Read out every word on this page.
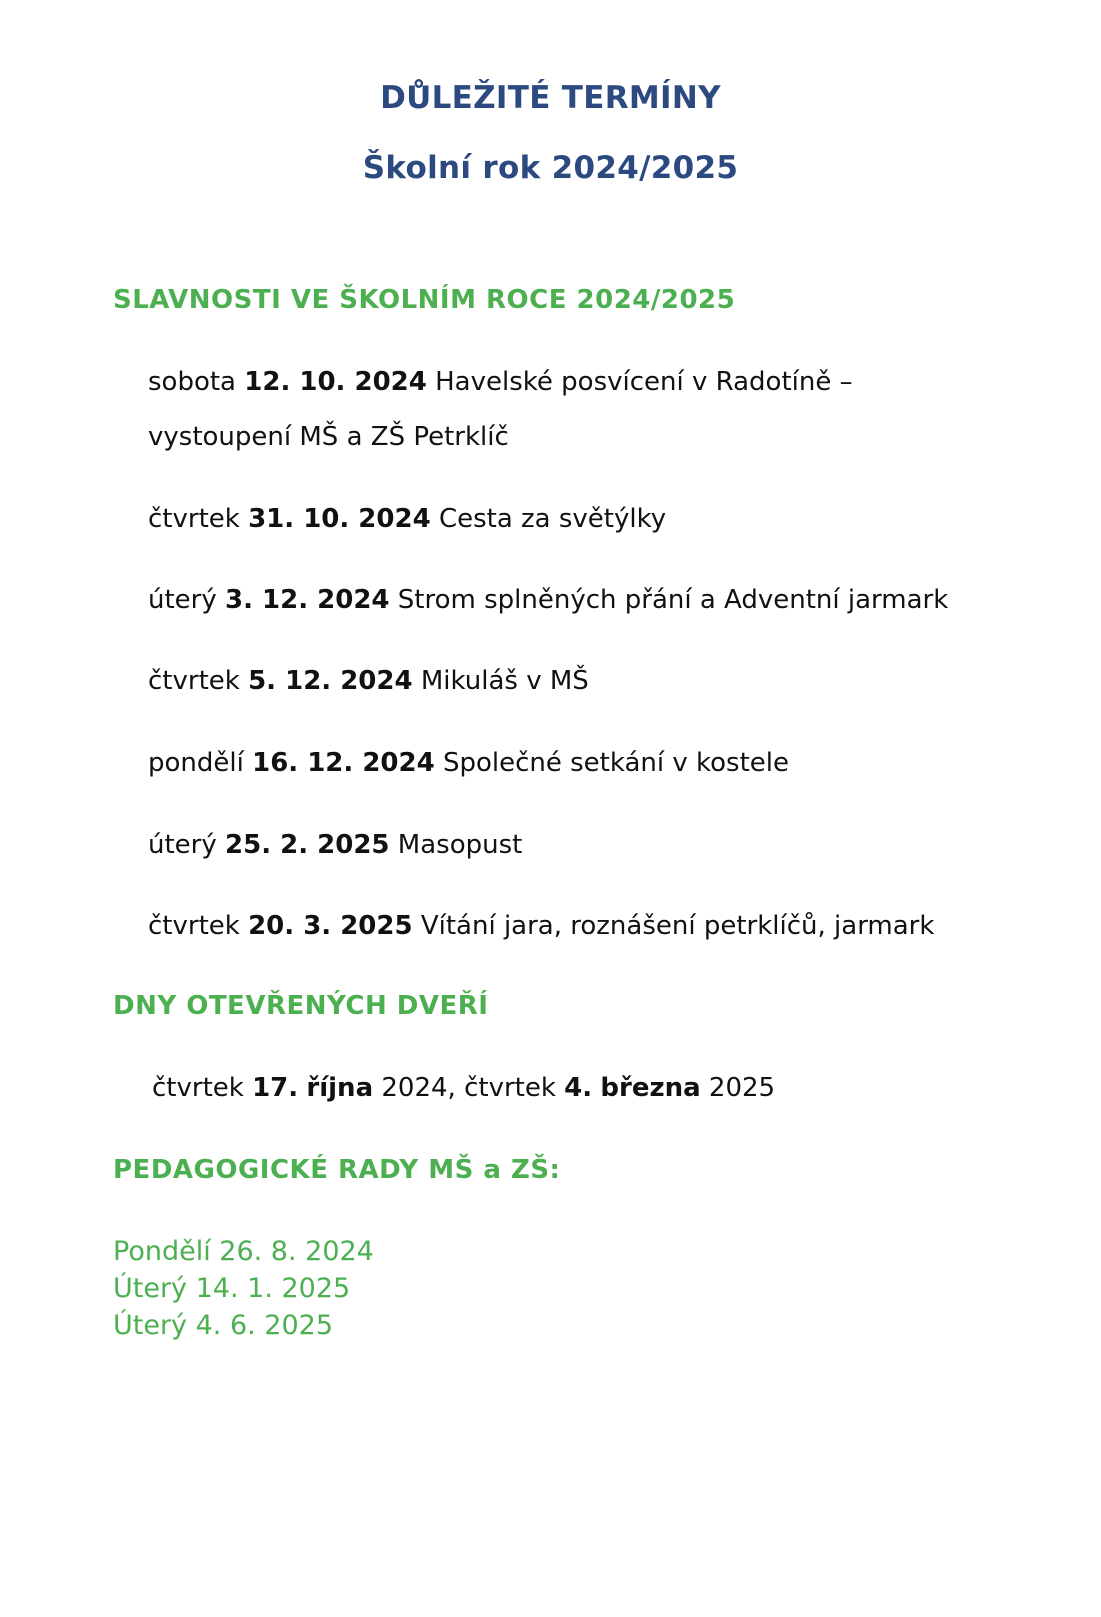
DŮLEŽITÉ TERMÍNY
Školní rok 2024/2025
SLAVNOSTI VE ŠKOLNÍM ROCE 2024/2025
sobota 12. 10. 2024 Havelské posvícení v Radotíně – vystoupení MŠ a ZŠ Petrklíč
čtvrtek 31. 10. 2024 Cesta za světýlky
úterý 3. 12. 2024 Strom splněných přání a Adventní jarmark
čtvrtek 5. 12. 2024 Mikuláš v MŠ
pondělí 16. 12. 2024 Společné setkání v kostele
úterý 25. 2. 2025 Masopust
čtvrtek 20. 3. 2025 Vítání jara, roznášení petrklíčů, jarmark
DNY OTEVŘENÝCH DVEŘÍ
čtvrtek 17. října 2024, čtvrtek 4. března 2025
PEDAGOGICKÉ RADY MŠ a ZŠ:
Pondělí 26. 8. 2024
Úterý 14. 1. 2025
Úterý 4. 6. 2025
